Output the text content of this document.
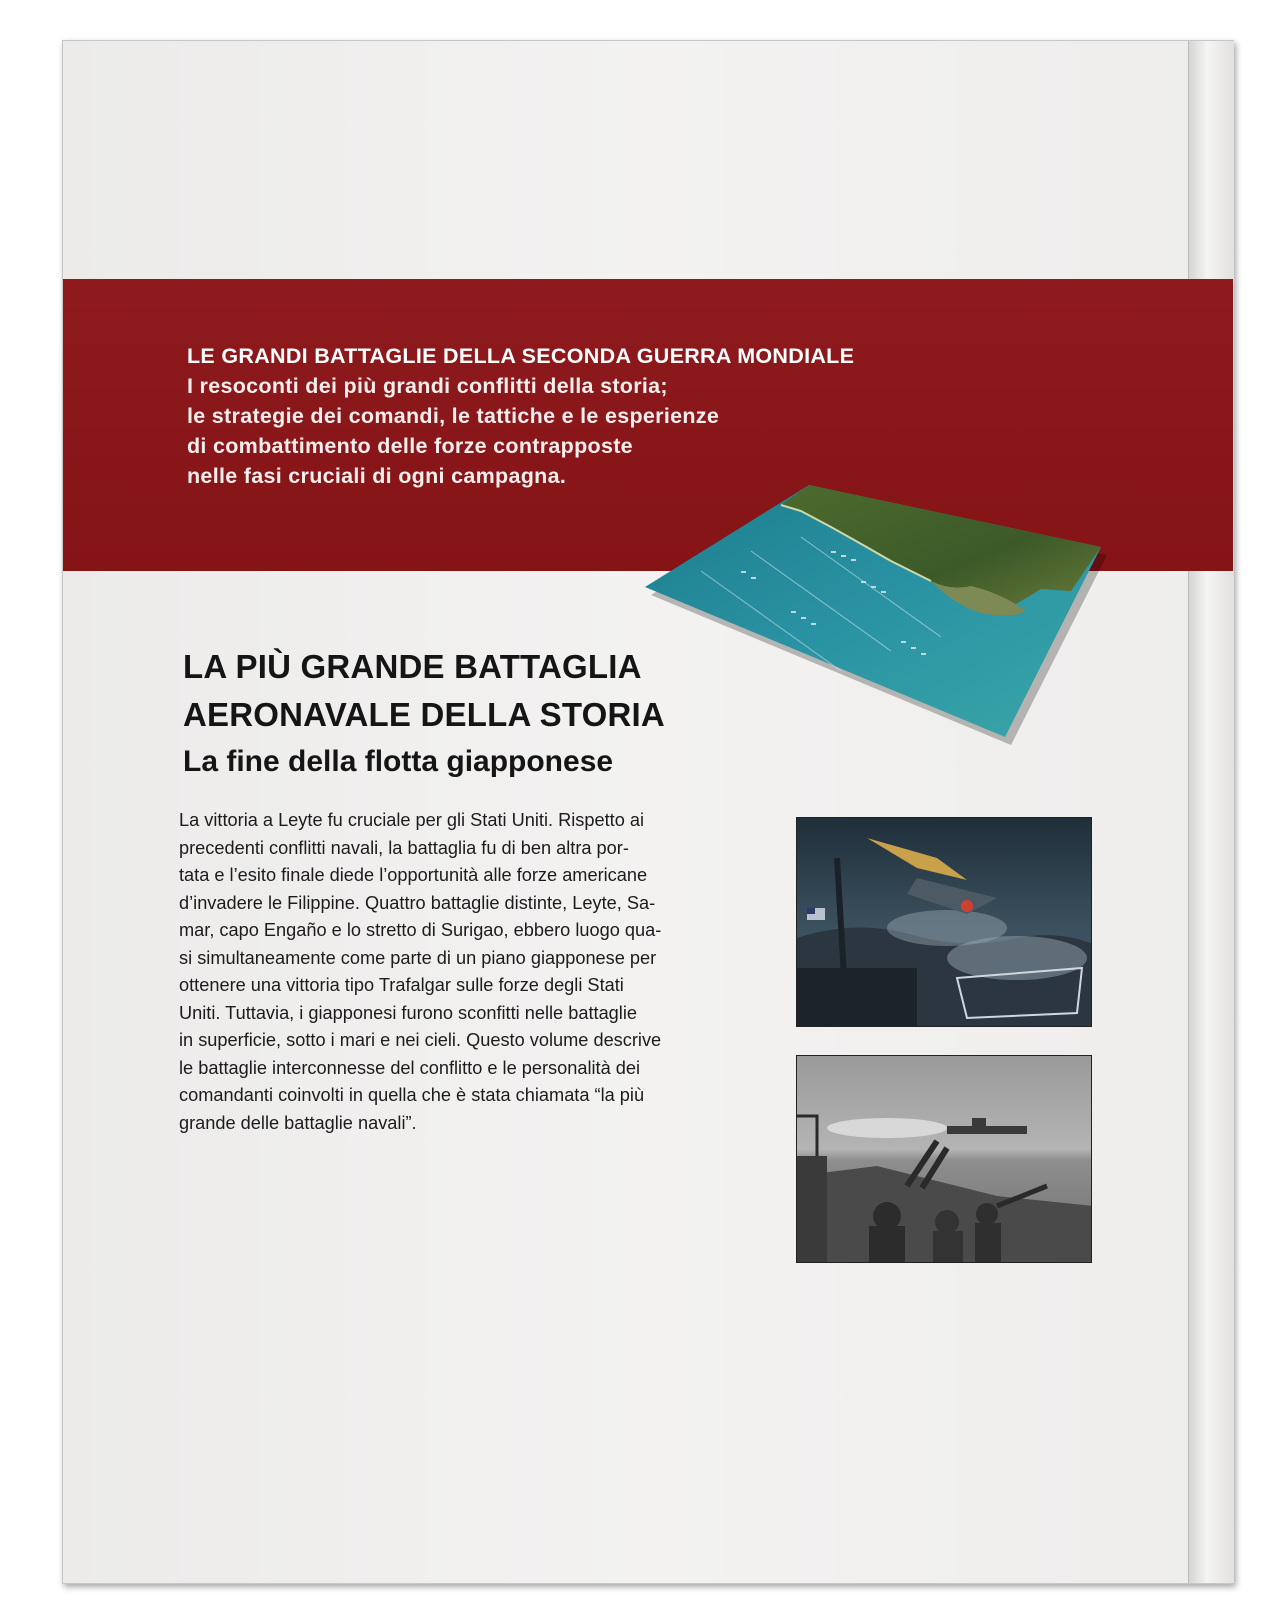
LE GRANDI BATTAGLIE DELLA SECONDA GUERRA MONDIALE
I resoconti dei più grandi conflitti della storia;
le strategie dei comandi, le tattiche e le esperienze
di combattimento delle forze contrapposte
nelle fasi cruciali di ogni campagna.
LA PIÙ GRANDE BATTAGLIA
AERONAVALE DELLA STORIA
La fine della flotta giapponese
La vittoria a Leyte fu cruciale per gli Stati Uniti. Rispetto ai
precedenti conflitti navali, la battaglia fu di ben altra por-
tata e l’esito finale diede l’opportunità alle forze americane
d’invadere le Filippine. Quattro battaglie distinte, Leyte, Sa-
mar, capo Engaño e lo stretto di Surigao, ebbero luogo qua-
si simultaneamente come parte di un piano giapponese per
ottenere una vittoria tipo Trafalgar sulle forze degli Stati
Uniti. Tuttavia, i giapponesi furono sconfitti nelle battaglie
in superficie, sotto i mari e nei cieli. Questo volume descrive
le battaglie interconnesse del conflitto e le personalità dei
comandanti coinvolti in quella che è stata chiamata “la più
grande delle battaglie navali”.
